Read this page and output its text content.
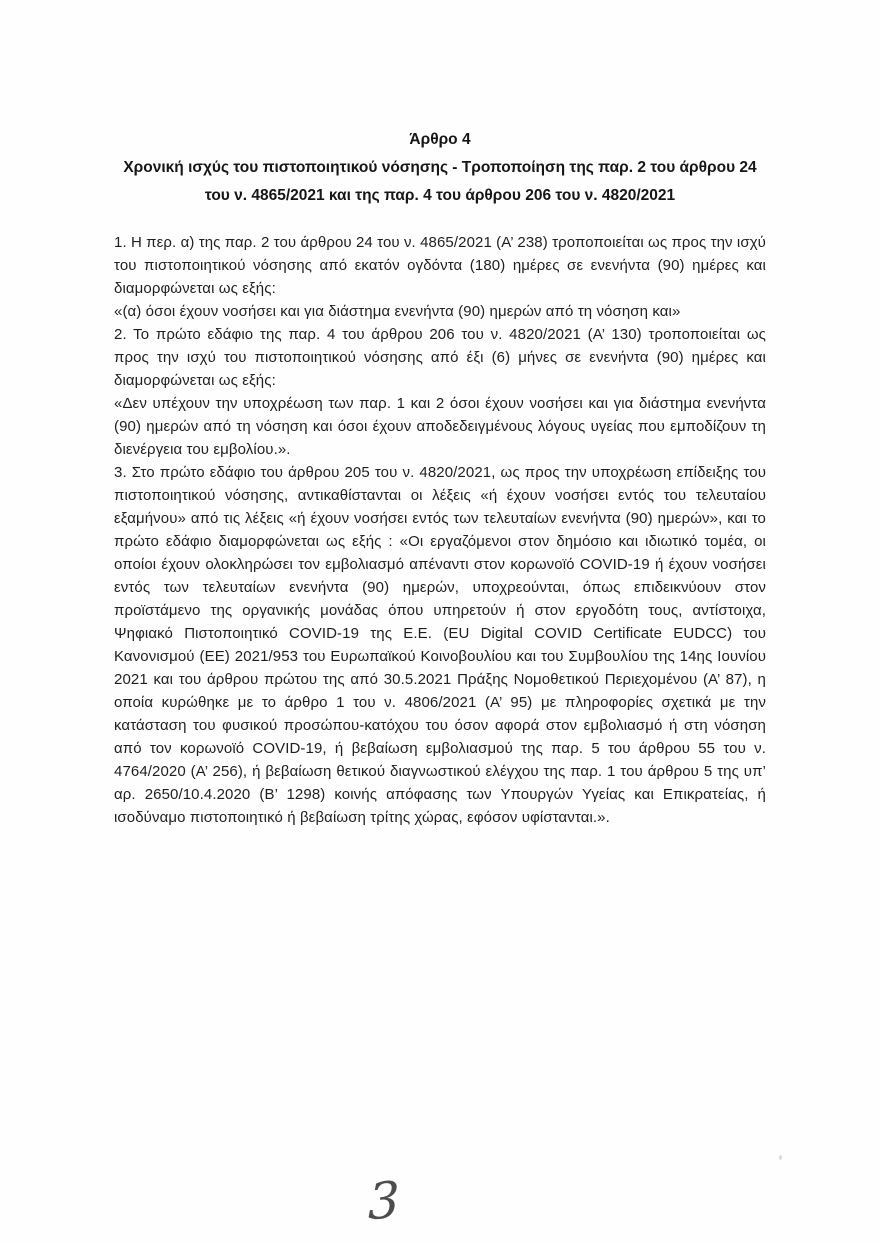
Άρθρο 4
Χρονική ισχύς του πιστοποιητικού νόσησης - Τροποποίηση της παρ. 2 του άρθρου 24 του ν. 4865/2021 και της παρ. 4 του άρθρου 206 του ν. 4820/2021

1. Η περ. α) της παρ. 2 του άρθρου 24 του ν. 4865/2021 (Α’ 238) τροποποιείται ως προς την ισχύ του πιστοποιητικού νόσησης από εκατόν ογδόντα (180) ημέρες σε ενενήντα (90) ημέρες και διαμορφώνεται ως εξής:

«(α) όσοι έχουν νοσήσει και για διάστημα ενενήντα (90) ημερών από τη νόσηση και»

2. Το πρώτο εδάφιο της παρ. 4 του άρθρου 206 του ν. 4820/2021 (Α’ 130) τροποποιείται ως προς την ισχύ του πιστοποιητικού νόσησης από έξι (6) μήνες σε ενενήντα (90) ημέρες και διαμορφώνεται ως εξής:

«Δεν υπέχουν την υποχρέωση των παρ. 1 και 2 όσοι έχουν νοσήσει και για διάστημα ενενήντα (90) ημερών από τη νόσηση και όσοι έχουν αποδεδειγμένους λόγους υγείας που εμποδίζουν τη διενέργεια του εμβολίου.».

3. Στο πρώτο εδάφιο του άρθρου 205 του ν. 4820/2021, ως προς την υποχρέωση επίδειξης του πιστοποιητικού νόσησης, αντικαθίστανται οι λέξεις «ή έχουν νοσήσει εντός του τελευταίου εξαμήνου» από τις λέξεις «ή έχουν νοσήσει εντός των τελευταίων ενενήντα (90) ημερών», και το πρώτο εδάφιο διαμορφώνεται ως εξής : «Οι εργαζόμενοι στον δημόσιο και ιδιωτικό τομέα, οι οποίοι έχουν ολοκληρώσει τον εμβολιασμό απέναντι στον κορωνοϊό COVID-19 ή έχουν νοσήσει εντός των τελευταίων ενενήντα (90) ημερών, υποχρεούνται, όπως επιδεικνύουν στον προϊστάμενο της οργανικής μονάδας όπου υπηρετούν ή στον εργοδότη τους, αντίστοιχα, Ψηφιακό Πιστοποιητικό COVID-19 της Ε.Ε. (EU Digital COVID Certificate EUDCC) του Κανονισμού (ΕΕ) 2021/953 του Ευρωπαϊκού Κοινοβουλίου και του Συμβουλίου της 14ης Ιουνίου 2021 και του άρθρου πρώτου της από 30.5.2021 Πράξης Νομοθετικού Περιεχομένου (Α’ 87), η οποία κυρώθηκε με το άρθρο 1 του ν. 4806/2021 (Α’ 95) με πληροφορίες σχετικά με την κατάσταση του φυσικού προσώπου-κατόχου του όσον αφορά στον εμβολιασμό ή στη νόσηση από τον κορωνοϊό COVID-19, ή βεβαίωση εμβολιασμού της παρ. 5 του άρθρου 55 του ν. 4764/2020 (Α’ 256), ή βεβαίωση θετικού διαγνωστικού ελέγχου της παρ. 1 του άρθρου 5 της υπ’ αρ. 2650/10.4.2020 (Β’ 1298) κοινής απόφασης των Υπουργών Υγείας και Επικρατείας, ή ισοδύναμο πιστοποιητικό ή βεβαίωση τρίτης χώρας, εφόσον υφίστανται.».

3
